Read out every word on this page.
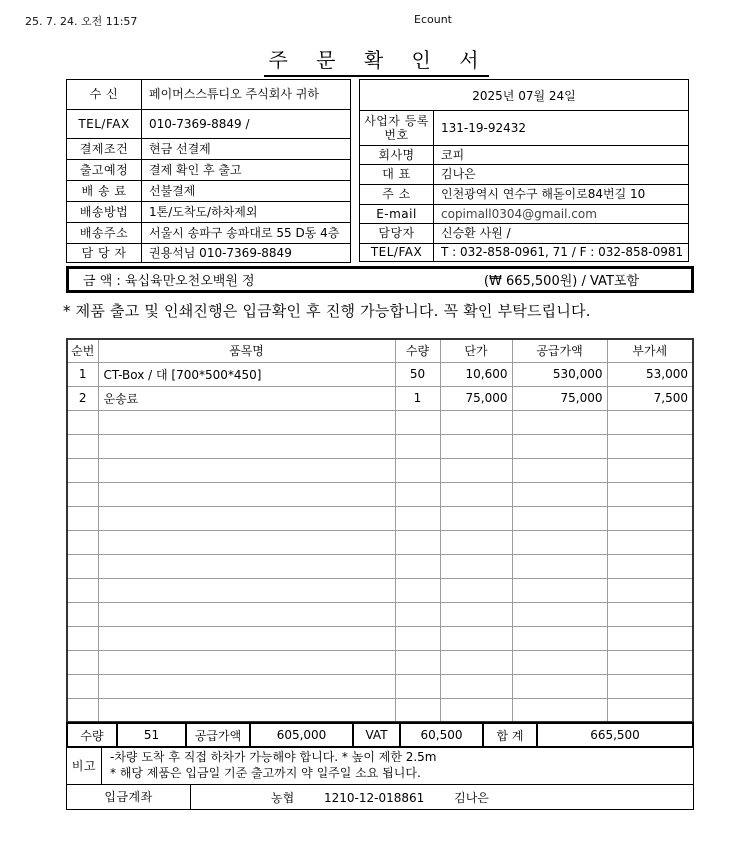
25. 7. 24. 오전 11:57	Ecount
주 문 확 인 서
수 신	페이머스스튜디오 주식회사 귀하
TEL/FAX	010-7369-8849 /
결제조건	현금 선결제
출고예정	결제 확인 후 출고
배 송 료	선불결제
배송방법	1톤/도착도/하차제외
배송주소	서울시 송파구 송파대로 55 D동 4층
담 당 자	권용석님 010-7369-8849
2025년 07월 24일	
사업자 등록번호	131-19-92432
회사명	코피
대 표	김나은
주 소	인천광역시 연수구 해돋이로84번길 10
E-mail	copimall0304@gmail.com
담당자	신승환 사원 /
TEL/FAX	T : 032-858-0961, 71 / F : 032-858-0981
금 액 : 육십육만오천오백원 정	(₩ 665,500원) / VAT포함
* 제품 출고 및 인쇄진행은 입금확인 후 진행 가능합니다. 꼭 확인 부탁드립니다.
순번	품목명	수량	단가	공급가액	부가세
1	CT-Box / 대 [700*500*450]	50	10,600	530,000	53,000
2	운송료	1	75,000	75,000	7,500

수량	51	공급가액	605,000	VAT	60,500	합 계	665,500
비고	
-차량 도착 후 직접 하차가 가능해야 합니다. * 높이 제한 2.5m
* 해당 제품은 입금일 기준 출고까지 약 일주일 소요 됩니다.
입금계좌	농협 1210-12-018861 김나은
